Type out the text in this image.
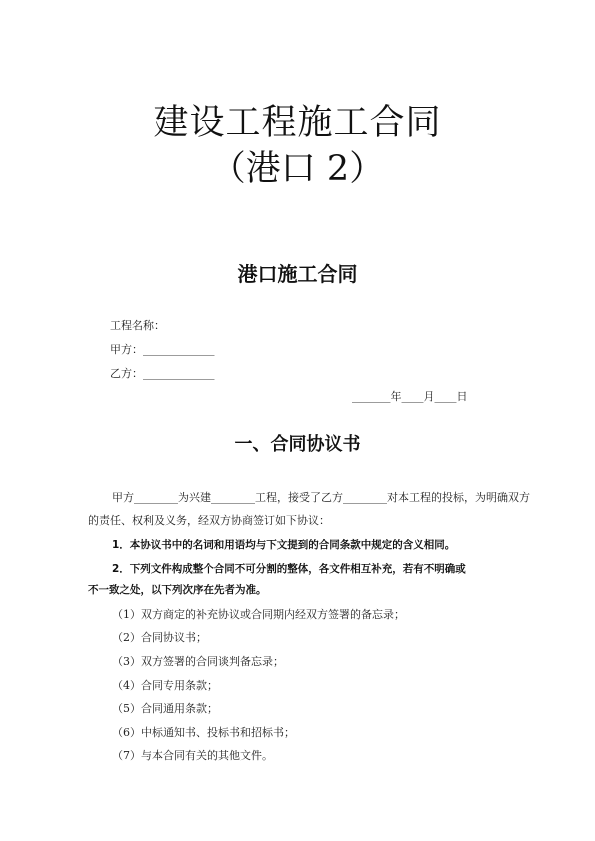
建设工程施工合同
（港口 2）
港口施工合同
工程名称：
甲方：_____________
乙方：_____________
_______年____月____日
一、合同协议书
甲方________为兴建________工程，接受了乙方________对本工程的投标，为明确双方
的责任、权利及义务，经双方协商签订如下协议：
1．本协议书中的名词和用语均与下文提到的合同条款中规定的含义相同。
2．下列文件构成整个合同不可分割的整体，各文件相互补充，若有不明确或
不一致之处，以下列次序在先者为准。
（1）双方商定的补充协议或合同期内经双方签署的备忘录；
（2）合同协议书；
（3）双方签署的合同谈判备忘录；
（4）合同专用条款；
（5）合同通用条款；
（6）中标通知书、投标书和招标书；
（7）与本合同有关的其他文件。
